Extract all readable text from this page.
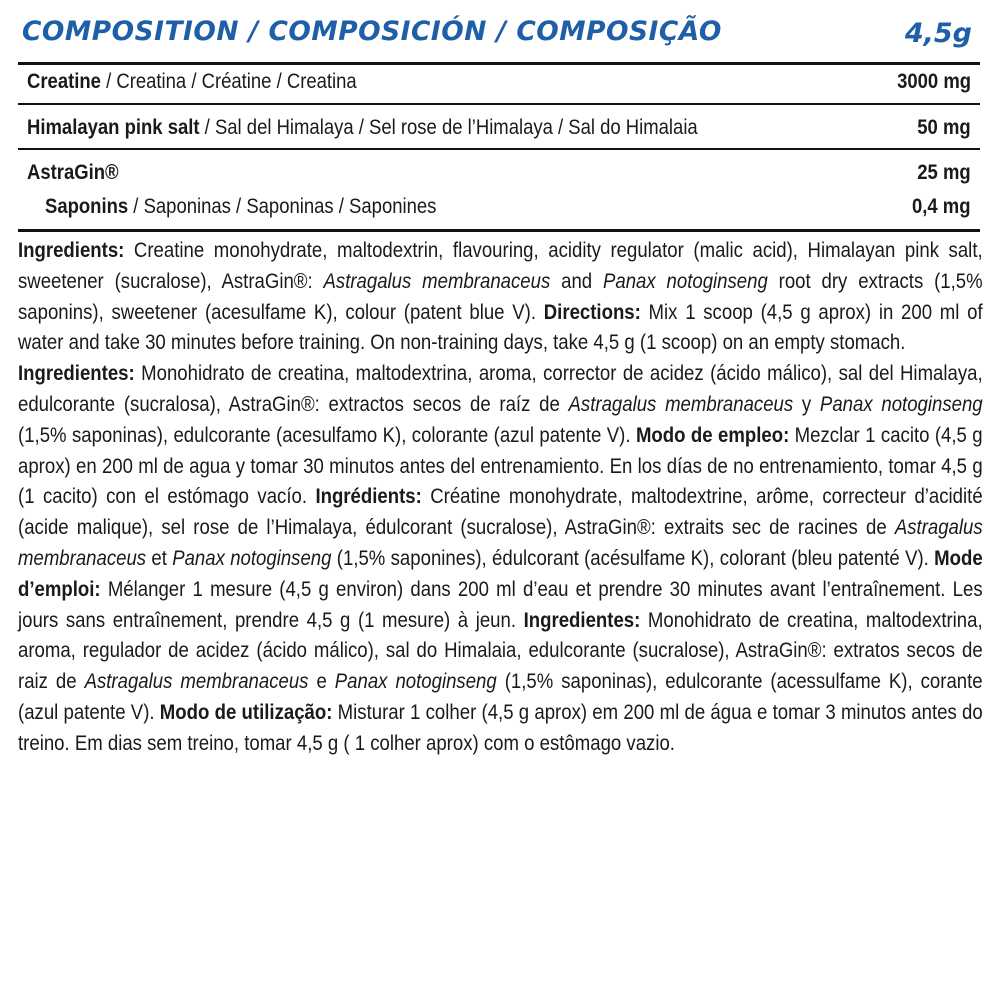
COMPOSITION / COMPOSICIÓN / COMPOSIÇÃO	4,5g
Creatine / Creatina / Créatine / Creatina	3000 mg
Himalayan pink salt / Sal del Himalaya / Sel rose de l’Himalaya / Sal do Himalaia	50 mg
AstraGin®	25 mg
Saponins / Saponinas / Saponinas / Saponines	0,4 mg

Ingredients: Creatine monohydrate, maltodextrin, flavouring, acidity regulator (malic acid), Himalayan pink salt, sweetener (sucralose), AstraGin®: Astragalus membranaceus and Panax notoginseng root dry extracts (1,5% saponins), sweetener (acesulfame K), colour (patent blue V). Directions: Mix 1 scoop (4,5 g aprox) in 200 ml of water and take 30 minutes before training. On non-training days, take 4,5 g (1 scoop) on an empty stomach.

Ingredientes: Monohidrato de creatina, maltodextrina, aroma, corrector de acidez (ácido málico), sal del Himalaya, edulcorante (sucralosa), AstraGin®: extractos secos de raíz de Astragalus membranaceus y Panax notoginseng (1,5% saponinas), edulcorante (acesulfamo K), colorante (azul patente V). Modo de empleo: Mezclar 1 cacito (4,5 g aprox) en 200 ml de agua y tomar 30 minutos antes del entrenamiento. En los días de no entrenamiento, tomar 4,5 g (1 cacito) con el estómago vacío. Ingrédients: Créatine monohydrate, maltodextrine, arôme, correcteur d’acidité (acide malique), sel rose de l’Himalaya, édulcorant (sucralose), AstraGin®: extraits sec de racines de Astragalus membranaceus et Panax notoginseng (1,5% saponines), édulcorant (acésulfame K), colorant (bleu patenté V). Mode d’emploi: Mélanger 1 mesure (4,5 g environ) dans 200 ml d’eau et prendre 30 minutes avant l’entraînement. Les jours sans entraînement, prendre 4,5 g (1 mesure) à jeun. Ingredientes: Monohidrato de creatina, maltodextrina, aroma, regulador de acidez (ácido málico), sal do Himalaia, edulcorante (sucralose), AstraGin®: extratos secos de raiz de Astragalus membranaceus e Panax notoginseng (1,5% saponinas), edulcorante (acessulfame K), corante (azul patente V). Modo de utilização: Misturar 1 colher (4,5 g aprox) em 200 ml de água e tomar 3 minutos antes do treino. Em dias sem treino, tomar 4,5 g ( 1 colher aprox) com o estômago vazio.
